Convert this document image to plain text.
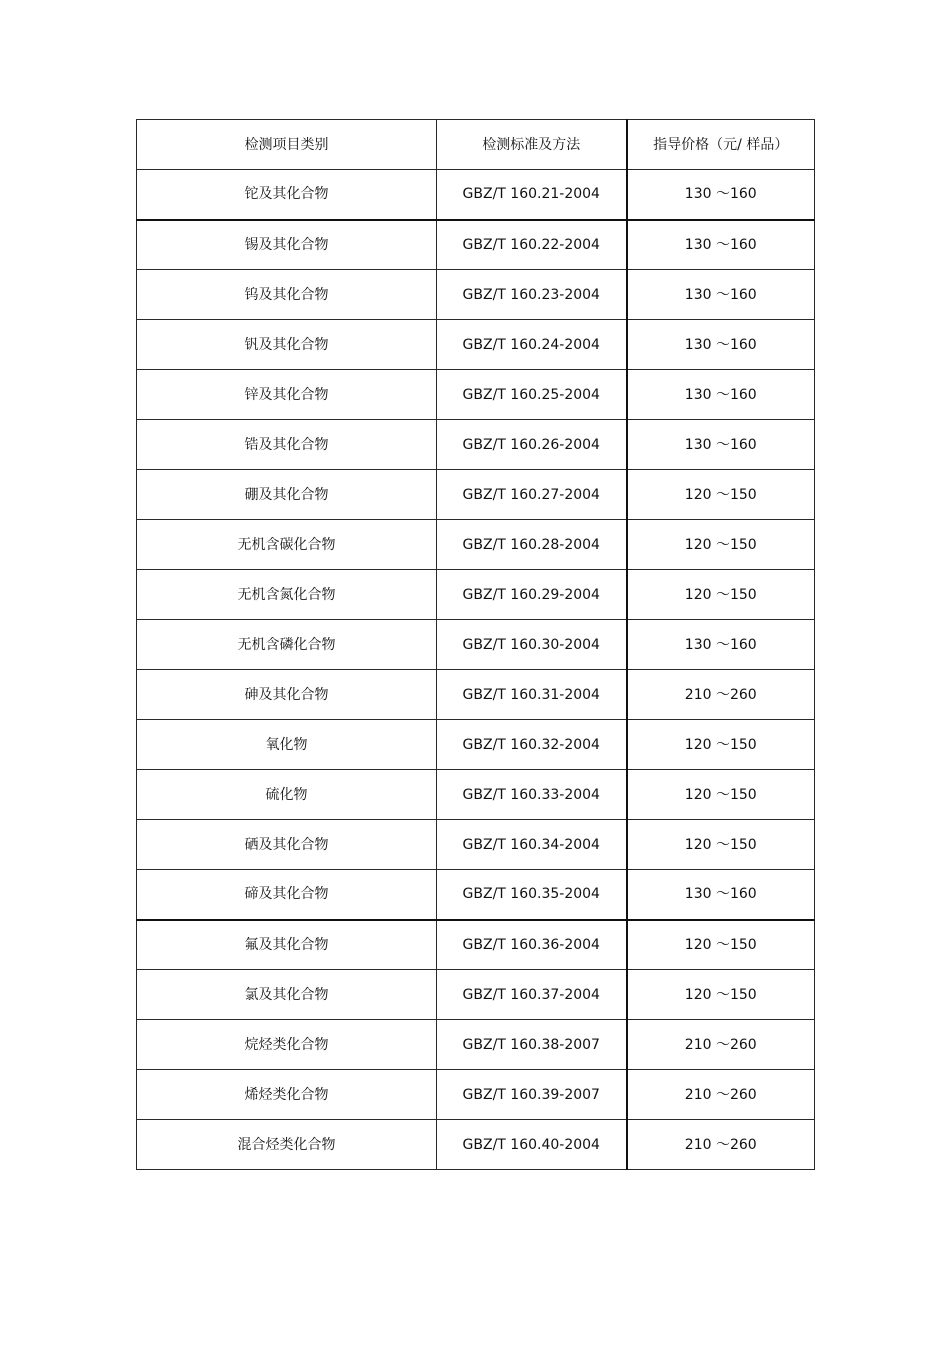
检测项目类别	检测标准及方法	指导价格（元/ 样品）
铊及其化合物	GBZ/T 160.21-2004	130 ～160
锡及其化合物	GBZ/T 160.22-2004	130 ～160
钨及其化合物	GBZ/T 160.23-2004	130 ～160
钒及其化合物	GBZ/T 160.24-2004	130 ～160
锌及其化合物	GBZ/T 160.25-2004	130 ～160
锆及其化合物	GBZ/T 160.26-2004	130 ～160
硼及其化合物	GBZ/T 160.27-2004	120 ～150
无机含碳化合物	GBZ/T 160.28-2004	120 ～150
无机含氮化合物	GBZ/T 160.29-2004	120 ～150
无机含磷化合物	GBZ/T 160.30-2004	130 ～160
砷及其化合物	GBZ/T 160.31-2004	210 ～260
氧化物	GBZ/T 160.32-2004	120 ～150
硫化物	GBZ/T 160.33-2004	120 ～150
硒及其化合物	GBZ/T 160.34-2004	120 ～150
碲及其化合物	GBZ/T 160.35-2004	130 ～160
氟及其化合物	GBZ/T 160.36-2004	120 ～150
氯及其化合物	GBZ/T 160.37-2004	120 ～150
烷烃类化合物	GBZ/T 160.38-2007	210 ～260
烯烃类化合物	GBZ/T 160.39-2007	210 ～260
混合烃类化合物	GBZ/T 160.40-2004	210 ～260
